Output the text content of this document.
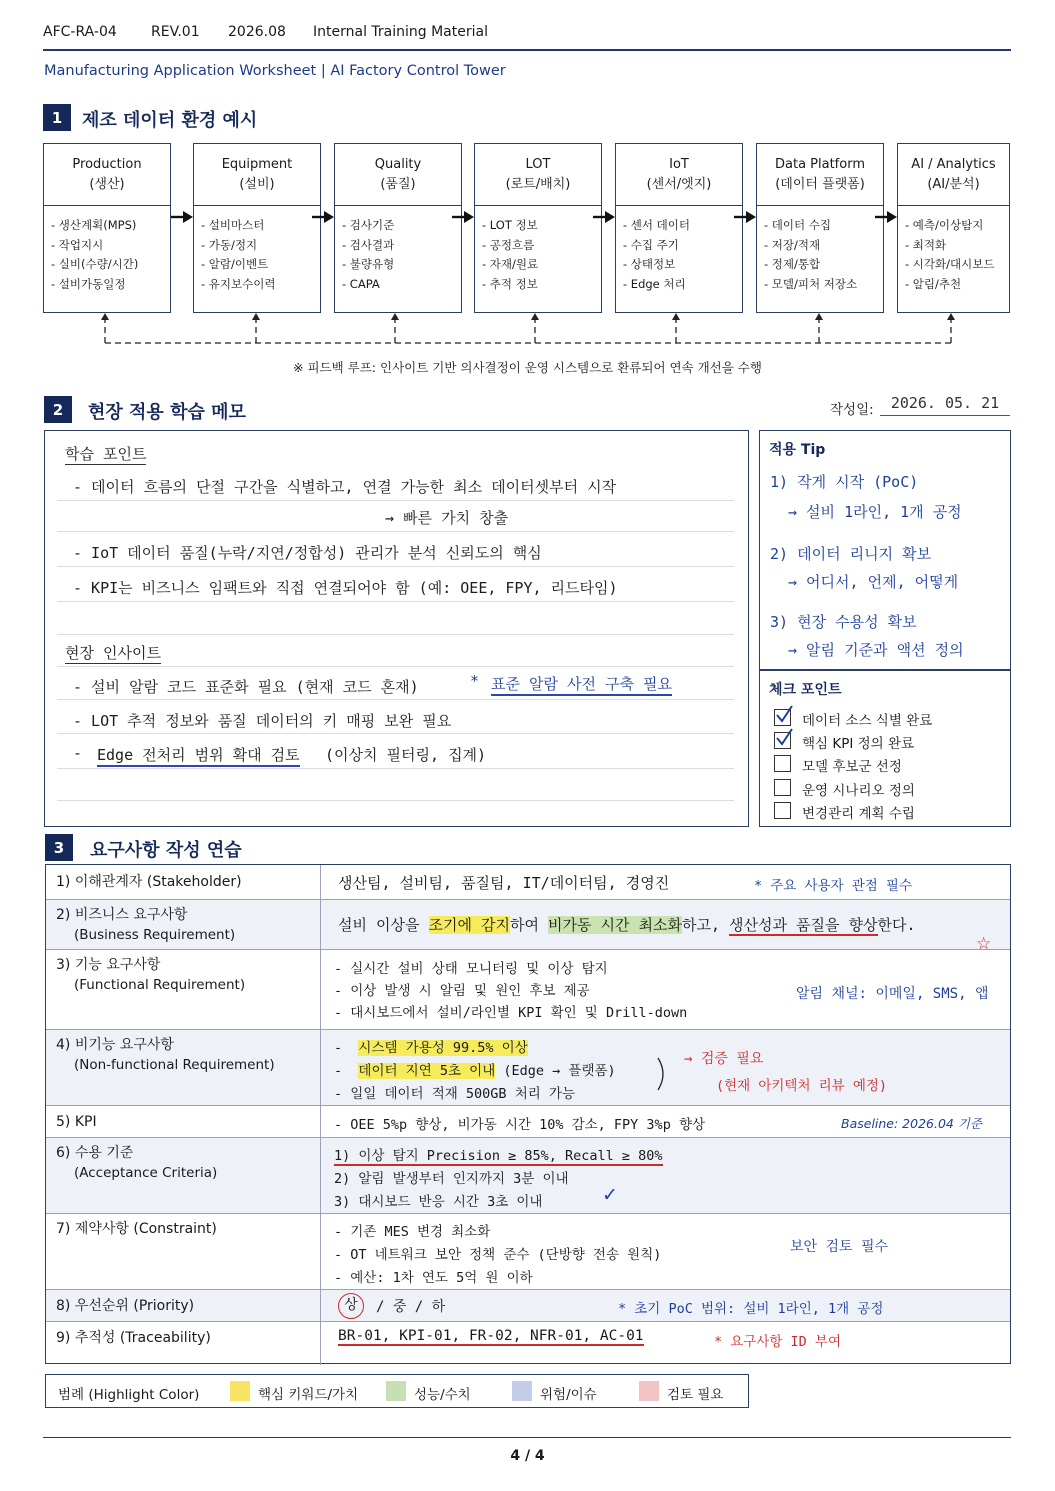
AFC-RA-04 REV.01 2026.08 Internal Training Material
Manufacturing Application Worksheet | AI Factory Control Tower
1	제조 데이터 환경 예시
Production
(생산)
- 생산계획(MPS)
- 작업지시
- 실비(수량/시간)
- 설비가동일정
Equipment
(설비)
- 설비마스터
- 가동/정지
- 알람/이벤트
- 유지보수이력
Quality
(품질)
- 검사기준
- 검사결과
- 불량유형
- CAPA
LOT
(로트/배치)
- LOT 정보
- 공정흐름
- 자재/원료
- 추적 정보
IoT
(센서/엣지)
- 센서 데이터
- 수집 주기
- 상태정보
- Edge 처리
Data Platform
(데이터 플랫폼)
- 데이터 수집
- 저장/적재
- 정제/통합
- 모델/피처 저장소
AI / Analytics
(AI/분석)
- 예측/이상탐지
- 최적화
- 시각화/대시보드
- 알림/추천
※ 피드백 루프: 인사이트 기반 의사결정이 운영 시스템으로 환류되어 연속 개선을 수행
2	현장 적용 학습 메모	작성일:	2026. 05. 21
학습 포인트
- 데이터 흐름의 단절 구간을 식별하고, 연결 가능한 최소 데이터셋부터 시작
→ 빠른 가치 창출
- IoT 데이터 품질(누락/지연/정합성) 관리가 분석 신뢰도의 핵심
- KPI는 비즈니스 임팩트와 직접 연결되어야 함 (예: OEE, FPY, 리드타임)
현장 인사이트
- 설비 알람 코드 표준화 필요 (현재 코드 혼재)	* 표준 알람 사전 구축 필요
- LOT 추적 정보와 품질 데이터의 키 매핑 보완 필요
- Edge 전처리 범위 확대 검토 (이상치 필터링, 집계)
적용 Tip
1) 작게 시작 (PoC)
→ 설비 1라인, 1개 공정
2) 데이터 리니지 확보
→ 어디서, 언제, 어떻게
3) 현장 수용성 확보
→ 알림 기준과 액션 정의
체크 포인트
데이터 소스 식별 완료
핵심 KPI 정의 완료
모델 후보군 선정
운영 시나리오 정의
변경관리 계획 수립
3	요구사항 작성 연습
1) 이해관계자 (Stakeholder)	생산팀, 설비팀, 품질팀, IT/데이터팀, 경영진	* 주요 사용자 관점 필수
2) 비즈니스 요구사항
(Business Requirement)
설비 이상을 조기에 감지하여 비가동 시간 최소화하고, 생산성과 품질을 향상한다.
☆
3) 기능 요구사항
(Functional Requirement)
- 실시간 설비 상태 모니터링 및 이상 탐지
- 이상 발생 시 알림 및 원인 후보 제공
- 대시보드에서 설비/라인별 KPI 확인 및 Drill-down
알림 채널: 이메일, SMS, 앱
4) 비기능 요구사항
(Non-functional Requirement)
- 시스템 가용성 99.5% 이상
- 데이터 지연 5초 이내 (Edge → 플랫폼)
- 일일 데이터 적재 500GB 처리 가능
→ 검증 필요
(현재 아키텍처 리뷰 예정)
5) KPI	- OEE 5%p 향상, 비가동 시간 10% 감소, FPY 3%p 향상	Baseline: 2026.04 기준
6) 수용 기준
(Acceptance Criteria)
1) 이상 탐지 Precision ≥ 85%, Recall ≥ 80%
2) 알림 발생부터 인지까지 3분 이내
3) 대시보드 반응 시간 3초 이내	✓
7) 제약사항 (Constraint)	- 기존 MES 변경 최소화
- OT 네트워크 보안 정책 준수 (단방향 전송 원칙)
- 예산: 1차 연도 5억 원 이하
보안 검토 필수
8) 우선순위 (Priority)	상	/ 중 / 하	* 초기 PoC 범위: 설비 1라인, 1개 공정
9) 추적성 (Traceability)	BR-01, KPI-01, FR-02, NFR-01, AC-01	* 요구사항 ID 부여
범례 (Highlight Color)	핵심 키워드/가치	성능/수치	위험/이슈	검토 필요
4 / 4
